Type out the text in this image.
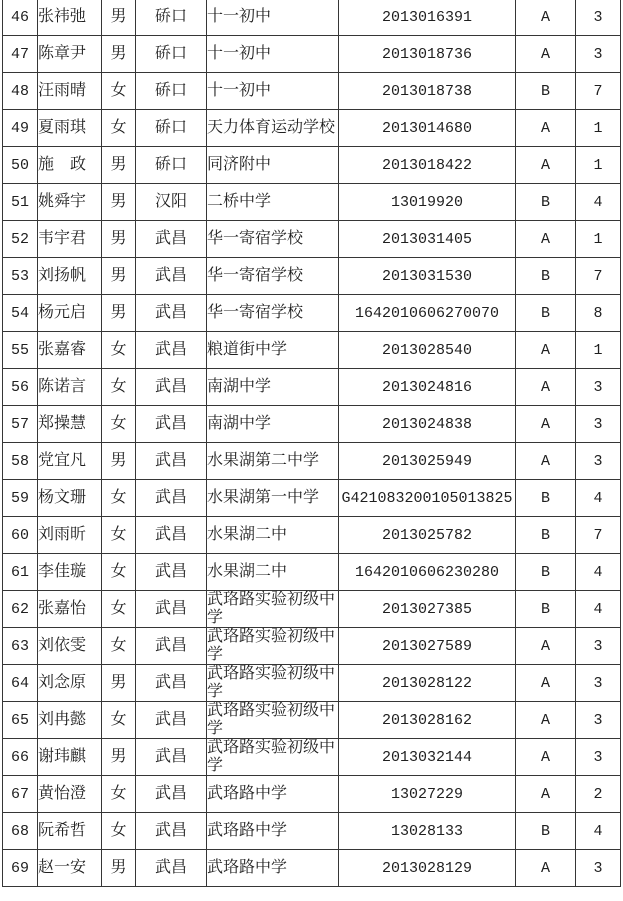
46	张祎弛	男	硚口	十一初中	2013016391	A	3
47	陈章尹	男	硚口	十一初中	2013018736	A	3
48	汪雨晴	女	硚口	十一初中	2013018738	B	7
49	夏雨琪	女	硚口	天力体育运动学校	2013014680	A	1
50	施　政	男	硚口	同济附中	2013018422	A	1
51	姚舜宇	男	汉阳	二桥中学	13019920	B	4
52	韦宇君	男	武昌	华一寄宿学校	2013031405	A	1
53	刘扬帆	男	武昌	华一寄宿学校	2013031530	B	7
54	杨元启	男	武昌	华一寄宿学校	1642010606270070	B	8
55	张嘉睿	女	武昌	粮道街中学	2013028540	A	1
56	陈诺言	女	武昌	南湖中学	2013024816	A	3
57	郑操慧	女	武昌	南湖中学	2013024838	A	3
58	党宜凡	男	武昌	水果湖第二中学	2013025949	A	3
59	杨文珊	女	武昌	水果湖第一中学	G421083200105013825	B	4
60	刘雨昕	女	武昌	水果湖二中	2013025782	B	7
61	李佳璇	女	武昌	水果湖二中	1642010606230280	B	4
62	张嘉怡	女	武昌	武珞路实验初级中学	2013027385	B	4
63	刘依雯	女	武昌	武珞路实验初级中学	2013027589	A	3
64	刘念原	男	武昌	武珞路实验初级中学	2013028122	A	3
65	刘冉懿	女	武昌	武珞路实验初级中学	2013028162	A	3
66	谢玮麒	男	武昌	武珞路实验初级中学	2013032144	A	3
67	黄怡澄	女	武昌	武珞路中学	13027229	A	2
68	阮希哲	女	武昌	武珞路中学	13028133	B	4
69	赵一安	男	武昌	武珞路中学	2013028129	A	3
